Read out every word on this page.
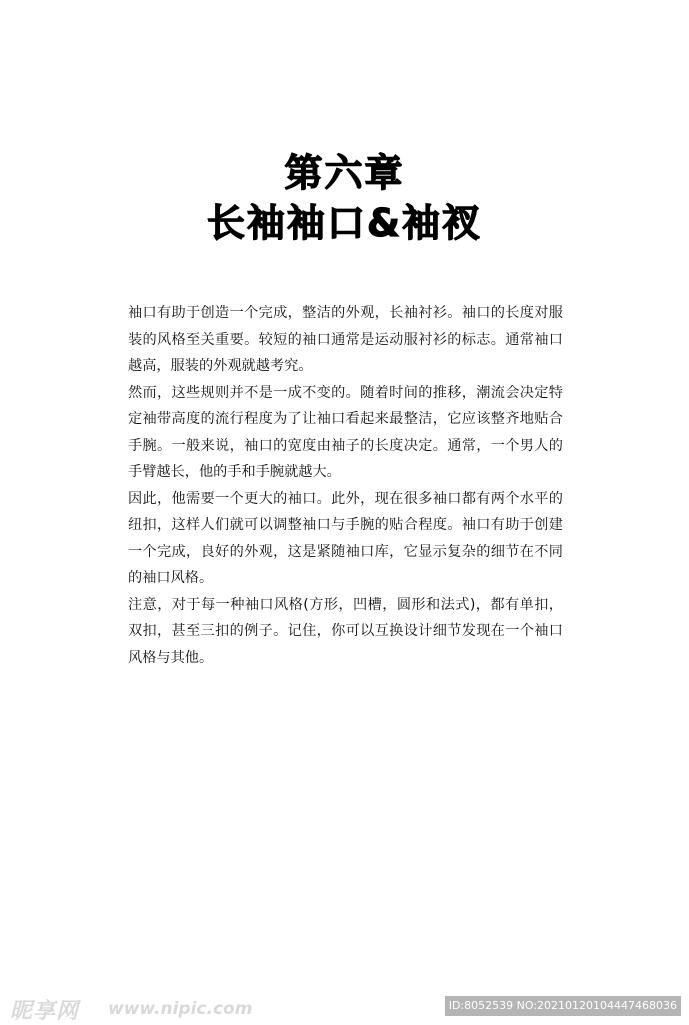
第六章
长袖袖口&袖衩

袖口有助于创造一个完成，整洁的外观，长袖衬衫。袖口的长度对服装的风格至关重要。较短的袖口通常是运动服衬衫的标志。通常袖口越高，服装的外观就越考究。

然而，这些规则并不是一成不变的。随着时间的推移，潮流会决定特定袖带高度的流行程度为了让袖口看起来最整洁，它应该整齐地贴合手腕。一般来说，袖口的宽度由袖子的长度决定。通常，一个男人的手臂越长，他的手和手腕就越大。

因此，他需要一个更大的袖口。此外，现在很多袖口都有两个水平的纽扣，这样人们就可以调整袖口与手腕的贴合程度。袖口有助于创建一个完成，良好的外观，这是紧随袖口库，它显示复杂的细节在不同的袖口风格。

注意，对于每一种袖口风格(方形，凹槽，圆形和法式)，都有单扣，双扣，甚至三扣的例子。记住，你可以互换设计细节发现在一个袖口风格与其他。

昵享网 www.nipic.com	ID:8052539 NO:20210120104447468036
